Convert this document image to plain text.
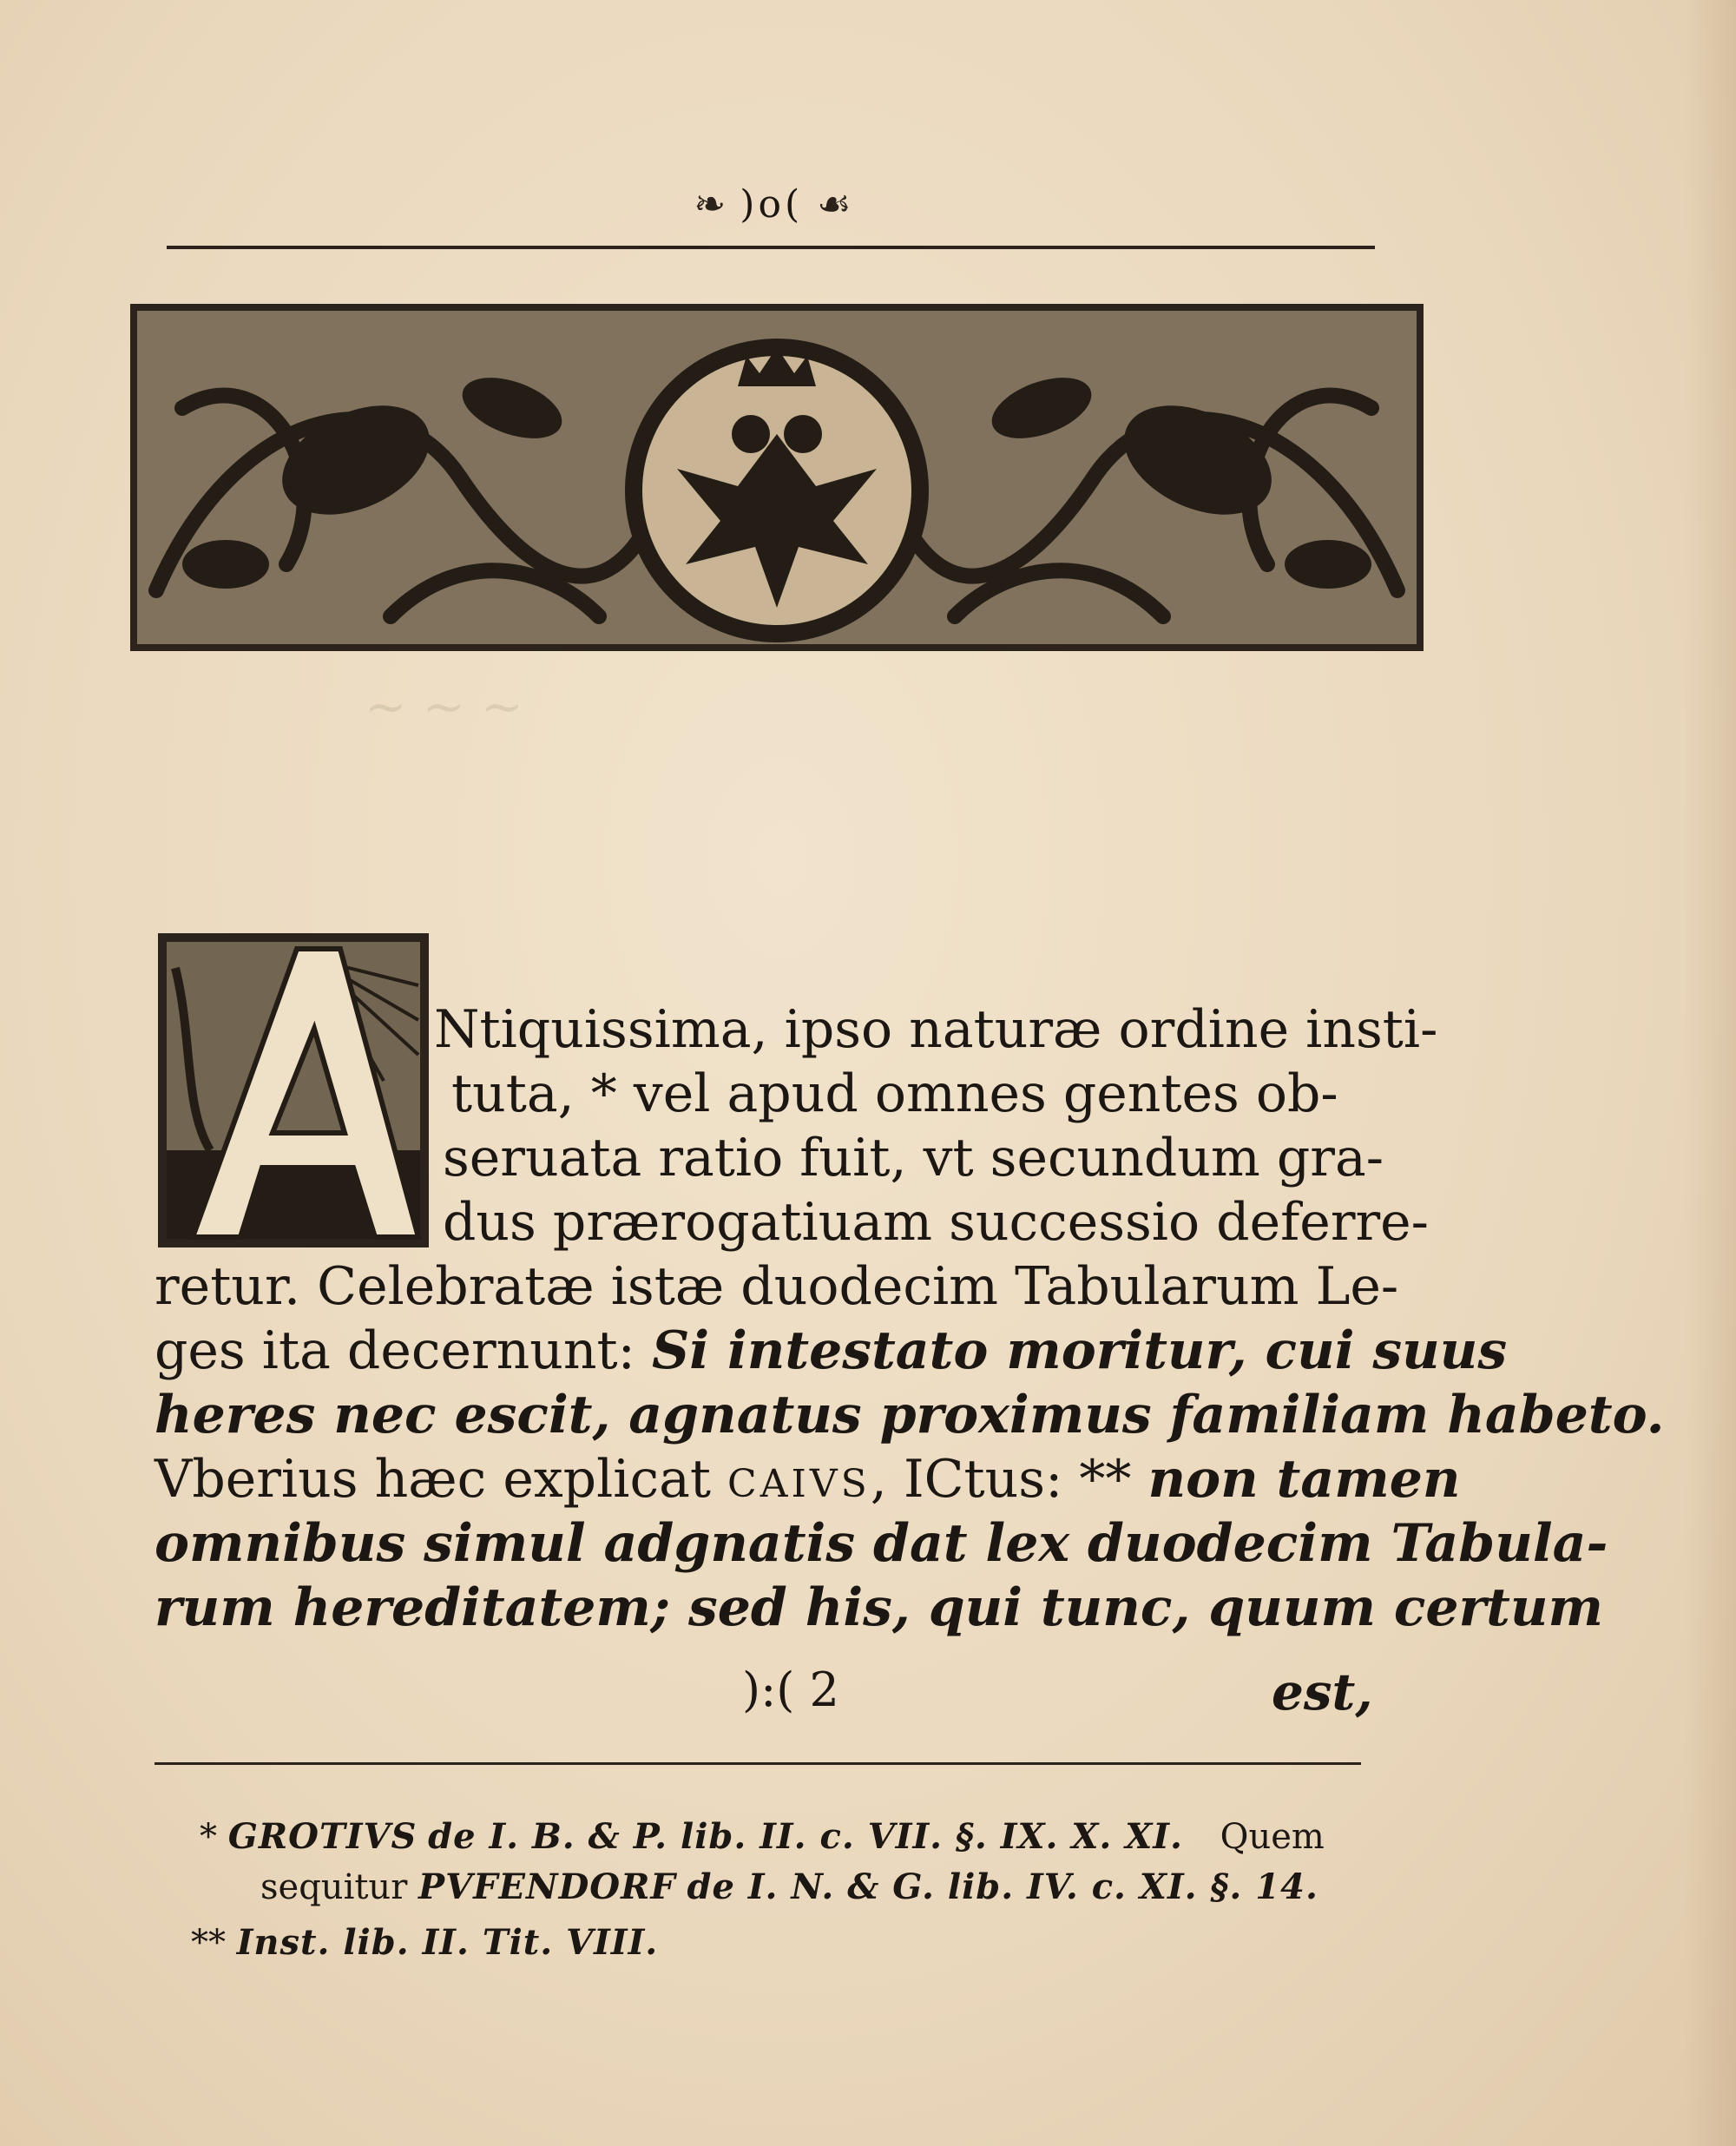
❧ )o( ☙
~ ~ ~
Ntiquissima, ipso naturæ ordine insti-
tuta, * vel apud omnes gentes ob-
seruata ratio fuit, vt secundum gra-
dus prærogatiuam successio deferre-
retur. Celebratæ istæ duodecim Tabularum Le-
ges ita decernunt: Si intestato moritur, cui suus
heres nec escit, agnatus proximus familiam habeto.
Vberius hæc explicat CAIVS, ICtus: ** non tamen
omnibus simul adgnatis dat lex duodecim Tabula-
rum hereditatem; sed his, qui tunc, quum certum
):( 2	est,
* GROTIVS de I. B. & P. lib. II. c. VII. §. IX. X. XI. Quem
sequitur PVFENDORF de I. N. & G. lib. IV. c. XI. §. 14.
** Inst. lib. II. Tit. VIII.
